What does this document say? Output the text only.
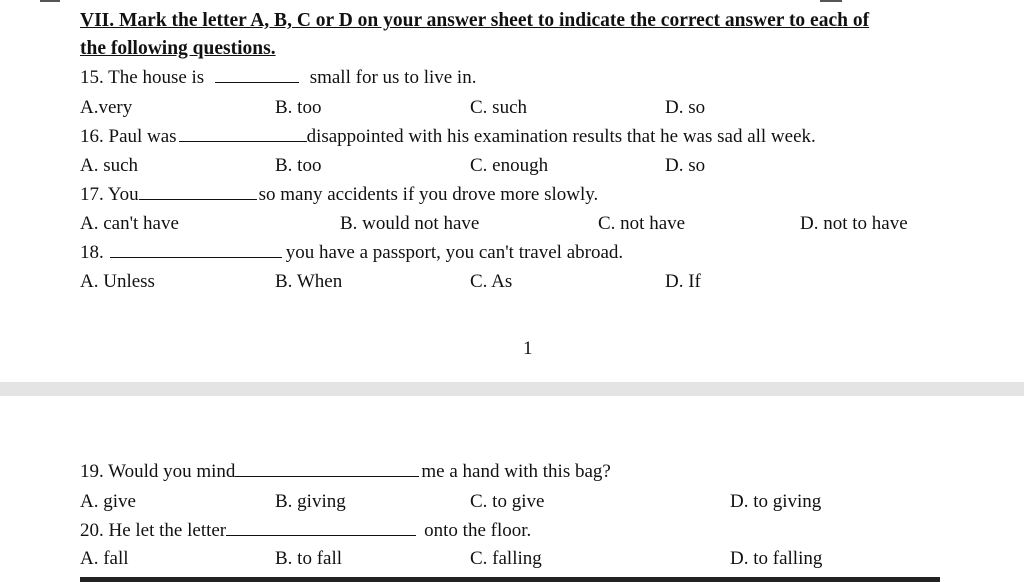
VII. Mark the letter A, B, C or D on your answer sheet to indicate the correct answer to each of
the following questions.
15. The house is	small for us to live in.
A.very	B. too	C. such	D. so
16. Paul was	disappointed with his examination results that he was sad all week.
A. such	B. too	C. enough	D. so
17. You	so many accidents if you drove more slowly.
A. can't have	B. would not have	C. not have	D. not to have
18.	you have a passport, you can't travel abroad.
A. Unless	B. When	C. As	D. If
1
19. Would you mind	me a hand with this bag?
A. give	B. giving	C. to give	D. to giving
20. He let the letter	onto the floor.
A. fall	B. to fall	C. falling	D. to falling
